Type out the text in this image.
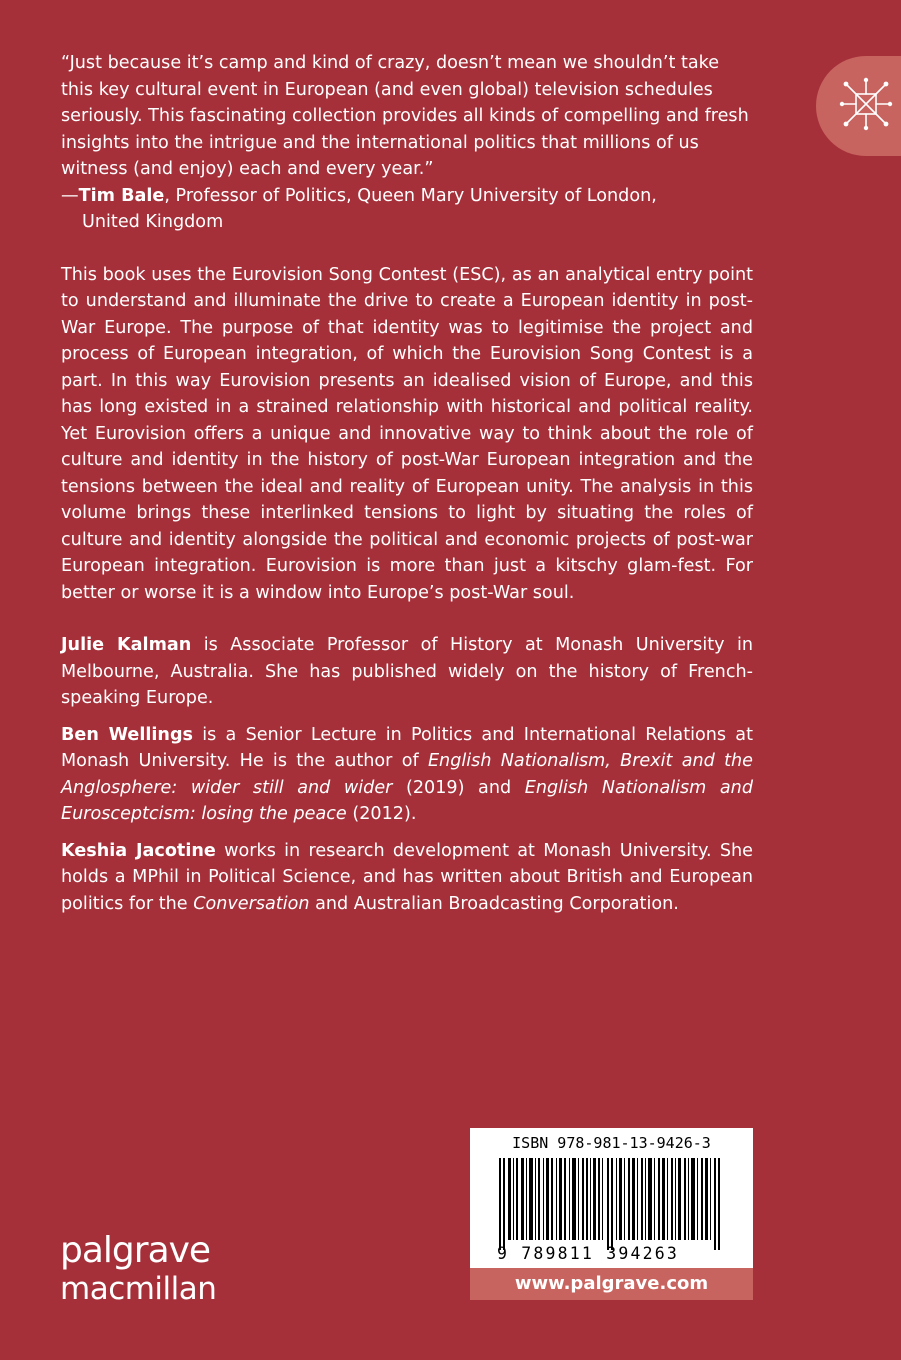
“Just because it’s camp and kind of crazy, doesn’t mean we shouldn’t take this key cultural event in European (and even global) television schedules seriously. This fascinating collection provides all kinds of compelling and fresh insights into the intrigue and the international politics that millions of us witness (and enjoy) each and every year.”

—Tim Bale, Professor of Politics, Queen Mary University of London,
United Kingdom

This book uses the Eurovision Song Contest (ESC), as an analytical entry point to understand and illuminate the drive to create a European identity in post-War Europe. The purpose of that identity was to legitimise the project and process of European integration, of which the Eurovision Song Contest is a part. In this way Eurovision presents an idealised vision of Europe, and this has long existed in a strained relationship with historical and political reality. Yet Eurovision offers a unique and innovative way to think about the role of culture and identity in the history of post-War European integration and the tensions between the ideal and reality of European unity. The analysis in this volume brings these interlinked tensions to light by situating the roles of culture and identity alongside the political and economic projects of post-war European integration. Eurovision is more than just a kitschy glam-fest. For better or worse it is a window into Europe’s post-War soul.

Julie Kalman is Associate Professor of History at Monash University in Melbourne, Australia. She has published widely on the history of French-speaking Europe.

Ben Wellings is a Senior Lecture in Politics and International Relations at Monash University. He is the author of English Nationalism, Brexit and the Anglosphere: wider still and wider (2019) and English Nationalism and Eurosceptcism: losing the peace (2012).

Keshia Jacotine works in research development at Monash University. She holds a MPhil in Political Science, and has written about British and European politics for the Conversation and Australian Broadcasting Corporation.

palgrave
macmillan
ISBN 978-981-13-9426-3
9 789811 394263
www.palgrave.com
